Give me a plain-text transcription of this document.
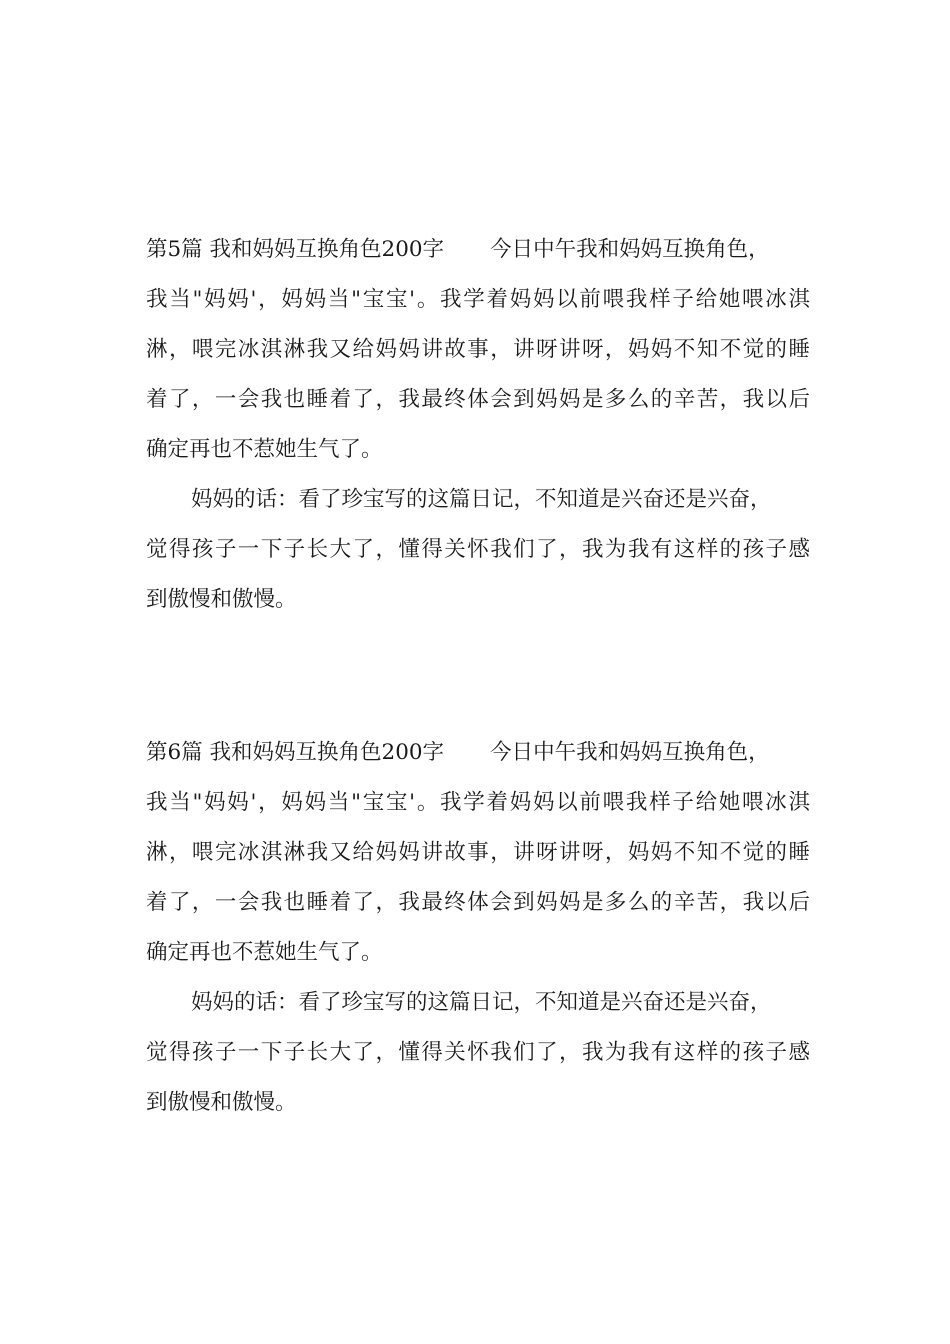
第5篇 我和妈妈互换角色200字 今日中午我和妈妈互换角色，
我当"妈妈'，妈妈当"宝宝'。我学着妈妈以前喂我样子给她喂冰淇
淋，喂完冰淇淋我又给妈妈讲故事，讲呀讲呀，妈妈不知不觉的睡
着了，一会我也睡着了，我最终体会到妈妈是多么的辛苦，我以后
确定再也不惹她生气了。
妈妈的话：看了珍宝写的这篇日记，不知道是兴奋还是兴奋，
觉得孩子一下子长大了，懂得关怀我们了，我为我有这样的孩子感
到傲慢和傲慢。
第6篇 我和妈妈互换角色200字 今日中午我和妈妈互换角色，
我当"妈妈'，妈妈当"宝宝'。我学着妈妈以前喂我样子给她喂冰淇
淋，喂完冰淇淋我又给妈妈讲故事，讲呀讲呀，妈妈不知不觉的睡
着了，一会我也睡着了，我最终体会到妈妈是多么的辛苦，我以后
确定再也不惹她生气了。
妈妈的话：看了珍宝写的这篇日记，不知道是兴奋还是兴奋，
觉得孩子一下子长大了，懂得关怀我们了，我为我有这样的孩子感
到傲慢和傲慢。
